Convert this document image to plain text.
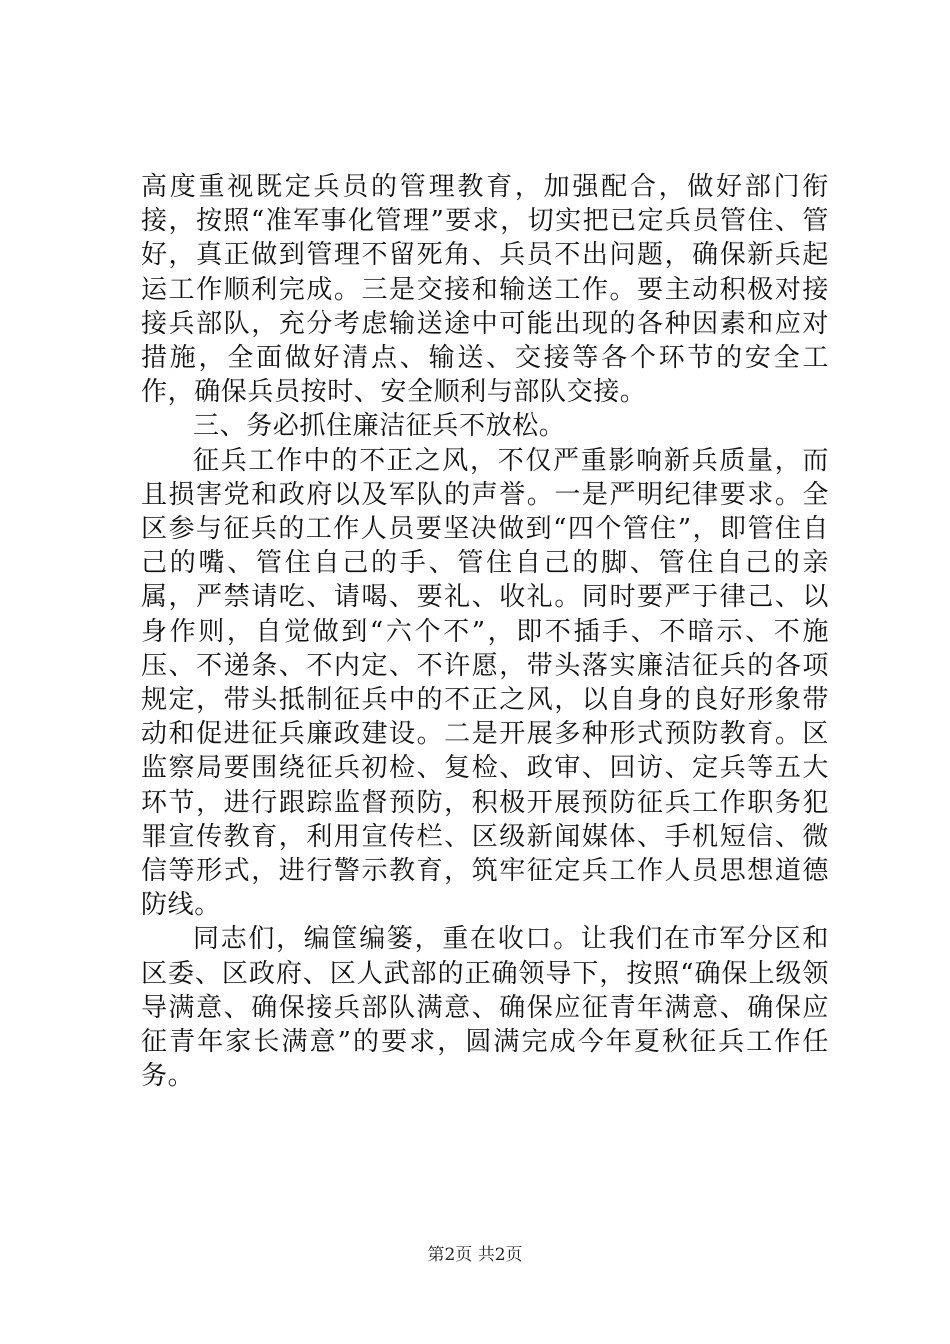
高度重视既定兵员的管理教育，加强配合，做好部门衔接，按照“准军事化管理”要求，切实把已定兵员管住、管好，真正做到管理不留死角、兵员不出问题，确保新兵起运工作顺利完成。三是交接和输送工作。要主动积极对接接兵部队，充分考虑输送途中可能出现的各种因素和应对措施，全面做好清点、输送、交接等各个环节的安全工作，确保兵员按时、安全顺利与部队交接。

三、务必抓住廉洁征兵不放松。

征兵工作中的不正之风，不仅严重影响新兵质量，而且损害党和政府以及军队的声誉。一是严明纪律要求。全区参与征兵的工作人员要坚决做到“四个管住”，即管住自己的嘴、管住自己的手、管住自己的脚、管住自己的亲属，严禁请吃、请喝、要礼、收礼。同时要严于律己、以身作则，自觉做到“六个不”，即不插手、不暗示、不施压、不递条、不内定、不许愿，带头落实廉洁征兵的各项规定，带头抵制征兵中的不正之风，以自身的良好形象带动和促进征兵廉政建设。二是开展多种形式预防教育。区监察局要围绕征兵初检、复检、政审、回访、定兵等五大环节，进行跟踪监督预防，积极开展预防征兵工作职务犯罪宣传教育，利用宣传栏、区级新闻媒体、手机短信、微信等形式，进行警示教育，筑牢征定兵工作人员思想道德防线。

同志们，编筐编篓，重在收口。让我们在市军分区和区委、区政府、区人武部的正确领导下，按照“确保上级领导满意、确保接兵部队满意、确保应征青年满意、确保应征青年家长满意”的要求，圆满完成今年夏秋征兵工作任务。

第2页 共2页
